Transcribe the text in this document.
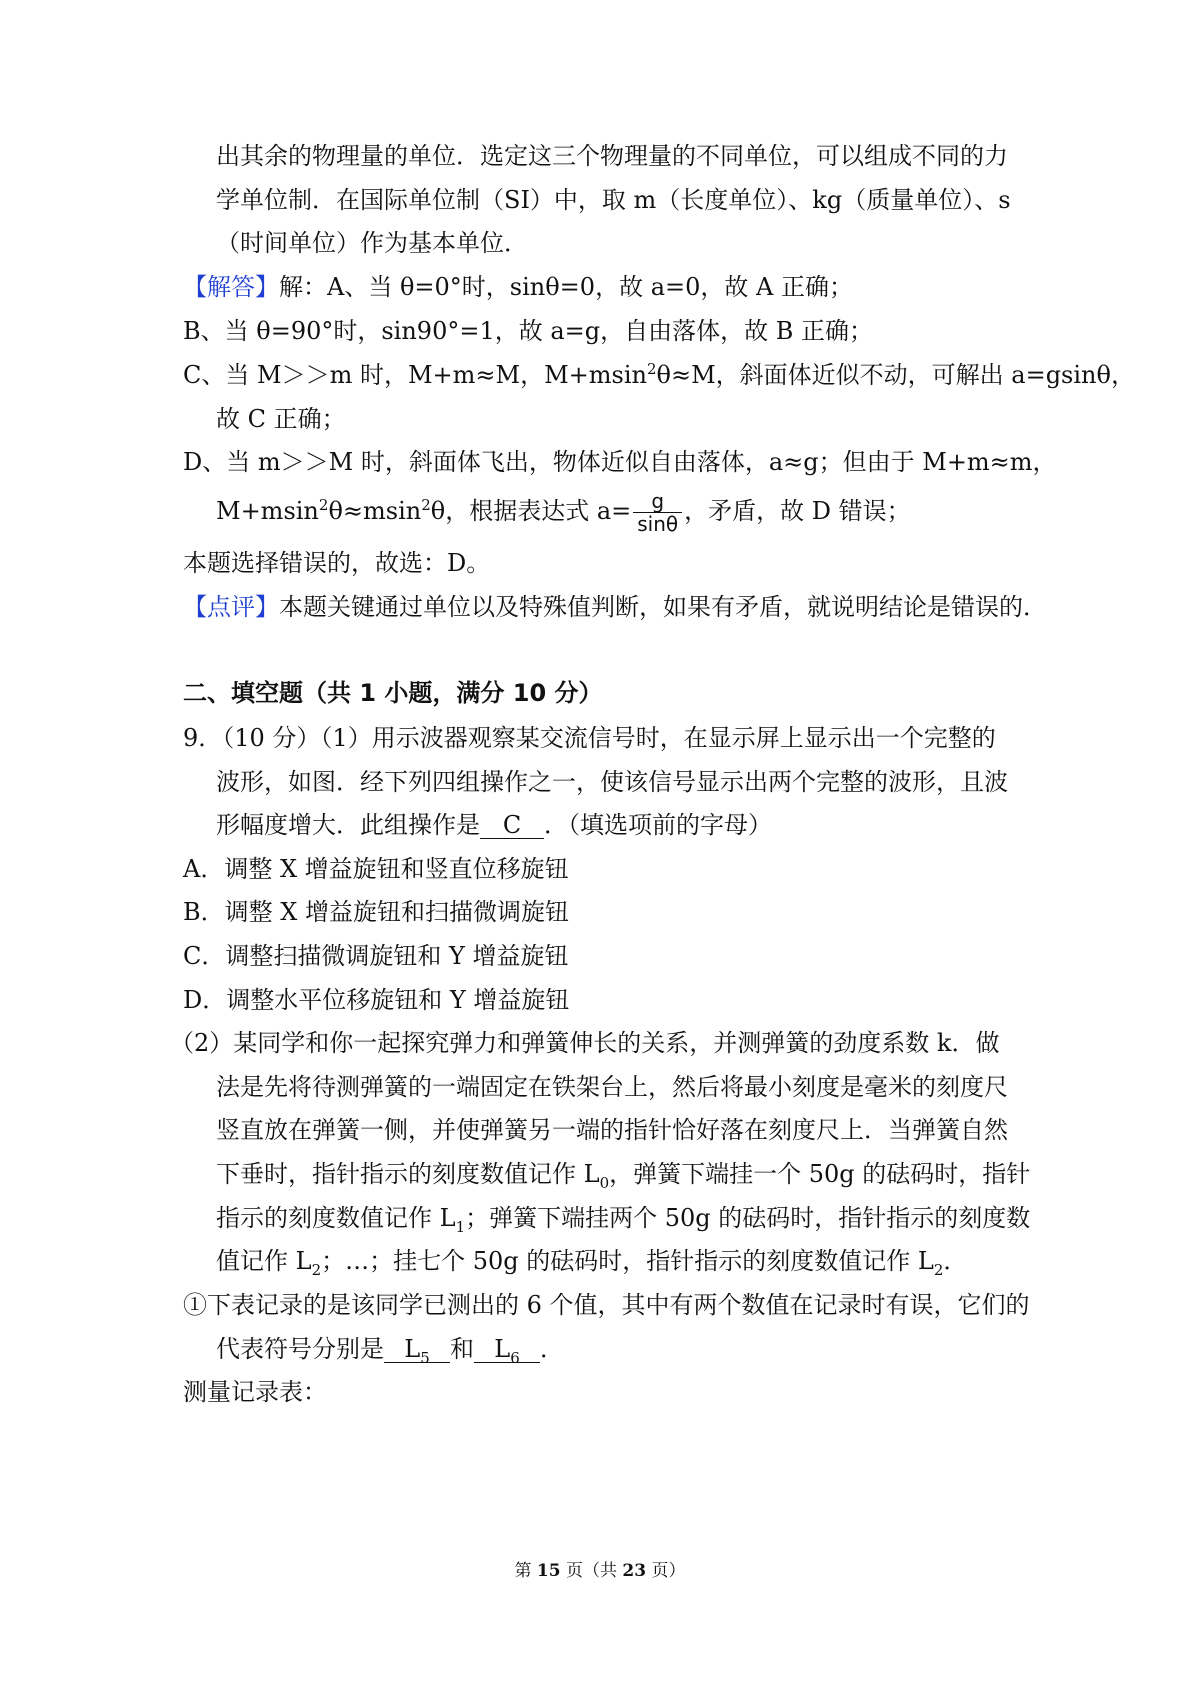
出其余的物理量的单位．选定这三个物理量的不同单位，可以组成不同的力
学单位制．在国际单位制（SI）中，取 m（长度单位）、kg（质量单位）、s
（时间单位）作为基本单位．
【解答】解：A、当 θ=0°时，sinθ=0，故 a=0，故 A 正确；
B、当 θ=90°时，sin90°=1，故 a=g，自由落体，故 B 正确；
C、当 M＞＞m 时，M+m≈M，M+msin$^2$θ≈M，斜面体近似不动，可解出 a=gsinθ，
故 C 正确；
D、当 m＞＞M 时，斜面体飞出，物体近似自由落体，a≈g；但由于 M+m≈m，
M+msin$^2$θ≈msin$^2$θ，根据表达式 $a= \frac{g}{\sin\theta}$ ，矛盾，故 D 错误；
本题选择错误的，故选：D。
【点评】本题关键通过单位以及特殊值判断，如果有矛盾，就说明结论是错误的．
二、填空题（共 1 小题，满分 10 分）
9．（10 分）（1）用示波器观察某交流信号时，在显示屏上显示出一个完整的
波形，如图．经下列四组操作之一，使该信号显示出两个完整的波形，且波
形幅度增大．此组操作是 C ．（填选项前的字母）
A．调整 X 增益旋钮和竖直位移旋钮
B．调整 X 增益旋钮和扫描微调旋钮
C．调整扫描微调旋钮和 Y 增益旋钮
D．调整水平位移旋钮和 Y 增益旋钮
（2）某同学和你一起探究弹力和弹簧伸长的关系，并测弹簧的劲度系数 k．做
法是先将待测弹簧的一端固定在铁架台上，然后将最小刻度是毫米的刻度尺
竖直放在弹簧一侧，并使弹簧另一端的指针恰好落在刻度尺上．当弹簧自然
下垂时，指针指示的刻度数值记作 $L_0$，弹簧下端挂一个 50g 的砝码时，指针
指示的刻度数值记作 $L_1$；弹簧下端挂两个 50g 的砝码时，指针指示的刻度数
值记作 $L_2$；…；挂七个 50g 的砝码时，指针指示的刻度数值记作 $L_2$．
①下表记录的是该同学已测出的 6 个值，其中有两个数值在记录时有误，它们的
代表符号分别是 $L_5$ 和 $L_6$ ．
测量记录表：
第 15 页（共 23 页）
